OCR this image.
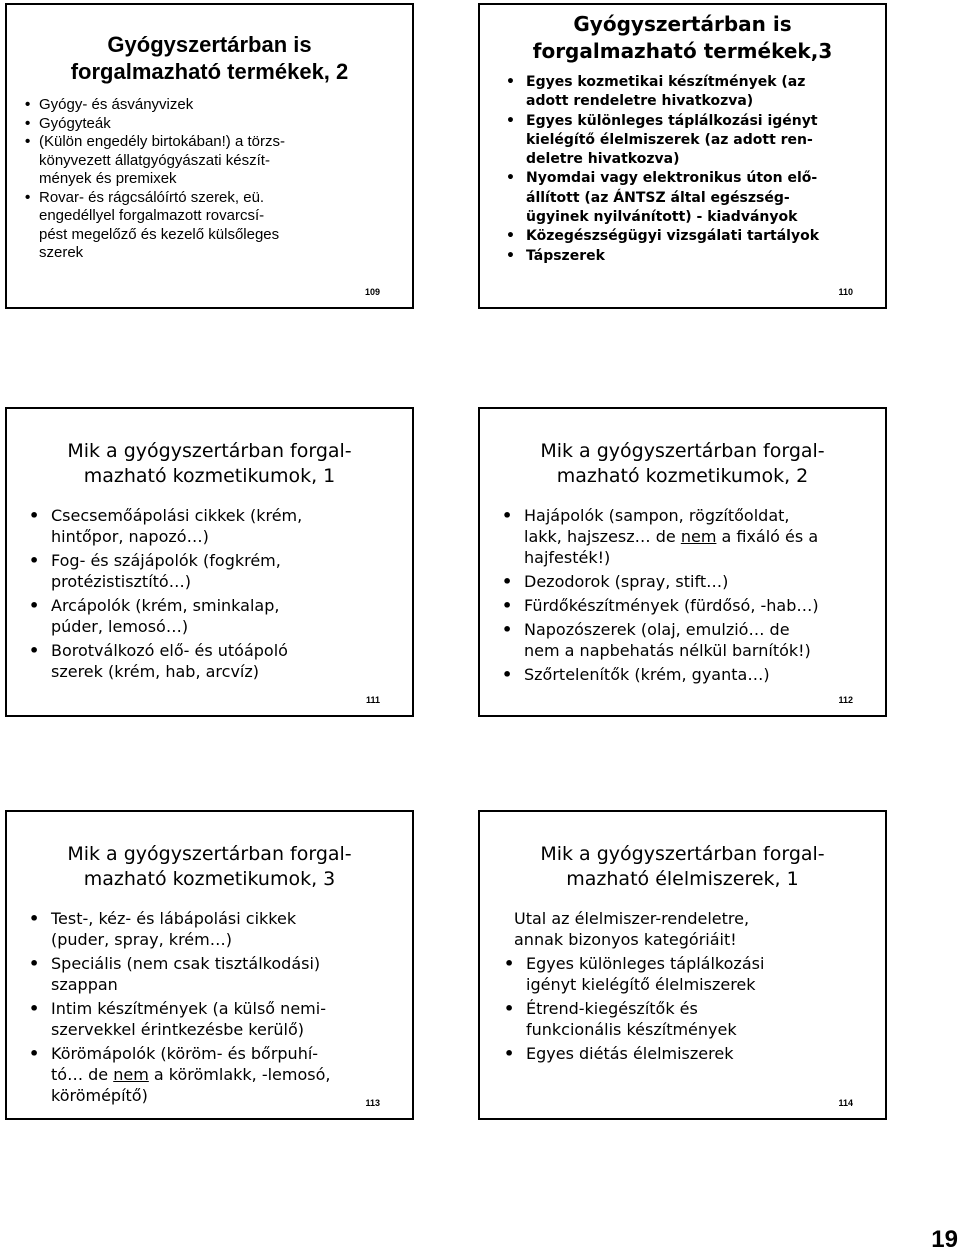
Gyógyszertárban is
forgalmazható termékek, 2

• Gyógy- és ásványvizek
• Gyógyteák
• (Külön engedély birtokában!) a törzs-
könyvezett állatgyógyászati készít-
mények és premixek
• Rovar- és rágcsálóírtó szerek, eü.
engedéllyel forgalmazott rovarcsí-
pést megelőző és kezelő külsőleges
szerek
109

Gyógyszertárban is
forgalmazható termékek,3

• Egyes kozmetikai készítmények (az
adott rendeletre hivatkozva)
• Egyes különleges táplálkozási igényt
kielégítő élelmiszerek (az adott ren-
deletre hivatkozva)
• Nyomdai vagy elektronikus úton elő-
állított (az ÁNTSZ által egészség-
ügyinek nyilvánított) - kiadványok
• Közegészségügyi vizsgálati tartályok
• Tápszerek
110

Mik a gyógyszertárban forgal-
mazható kozmetikumok, 1

• Csecsemőápolási cikkek (krém,
hintőpor, napozó…)
• Fog- és szájápolók (fogkrém,
protézistisztító…)
• Arcápolók (krém, sminkalap,
púder, lemosó…)
• Borotválkozó elő- és utóápoló
szerek (krém, hab, arcvíz)
111

Mik a gyógyszertárban forgal-
mazható kozmetikumok, 2

• Hajápolók (sampon, rögzítőoldat,
lakk, hajszesz… de nem a fixáló és a
hajfesték!)
• Dezodorok (spray, stift…)
• Fürdőkészítmények (fürdősó, -hab…)
• Napozószerek (olaj, emulzió… de
nem a napbehatás nélkül barnítók!)
• Szőrtelenítők (krém, gyanta…)
112

Mik a gyógyszertárban forgal-
mazható kozmetikumok, 3

• Test-, kéz- és lábápolási cikkek
(puder, spray, krém…)
• Speciális (nem csak tisztálkodási)
szappan
• Intim készítmények (a külső nemi-
szervekkel érintkezésbe kerülő)
• Körömápolók (köröm- és bőrpuhí-
tó… de nem a körömlakk, -lemosó,
körömépítő)	113

Mik a gyógyszertárban forgal-
mazható élelmiszerek, 1

Utal az élelmiszer-rendeletre,
annak bizonyos kategóriáit!
• Egyes különleges táplálkozási
igényt kielégítő élelmiszerek
• Étrend-kiegészítők és
funkcionális készítmények
• Egyes diétás élelmiszerek
114
19
